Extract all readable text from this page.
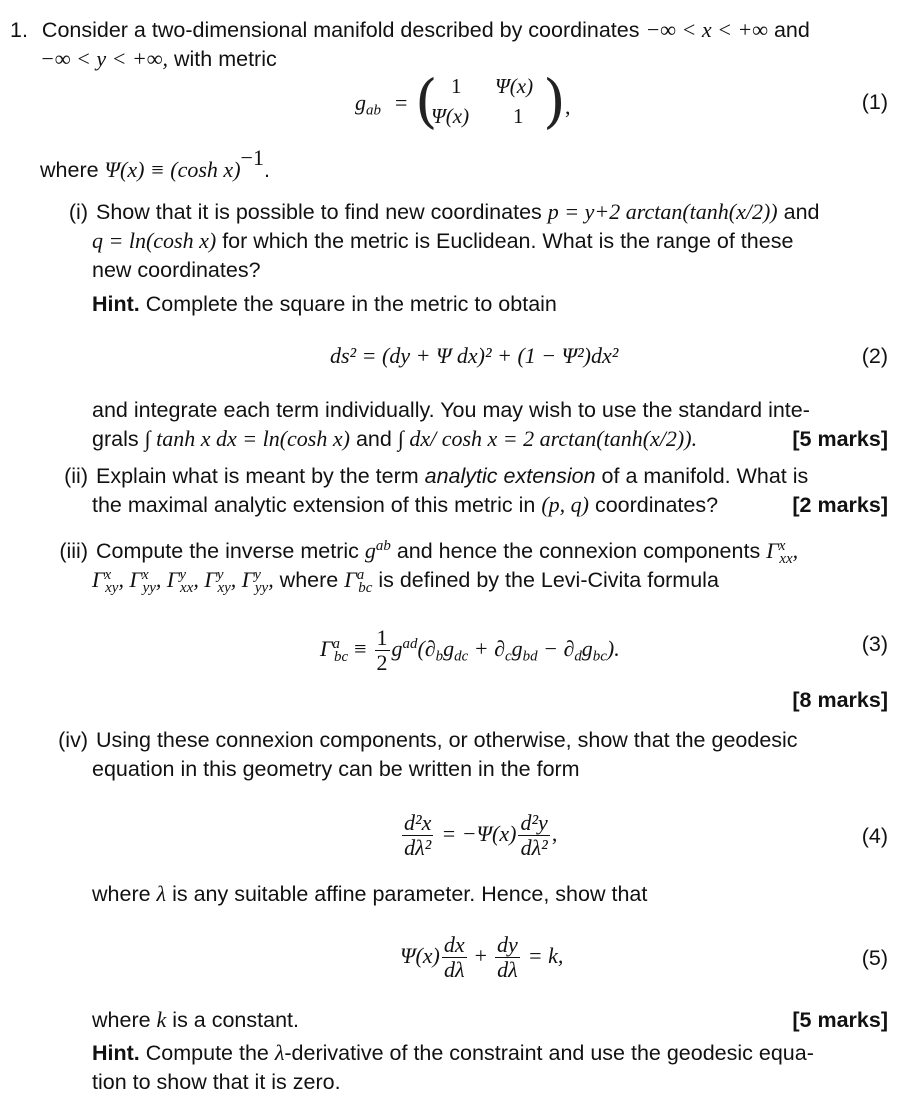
1. Consider a two-dimensional manifold described by coordinates −∞ < x < +∞ and
−∞ < y < +∞, with metric
$g_{ab}$ = ( 1 Ψ(x)
Ψ(x) 1 ) ,	(1)
where Ψ(x) ≡ (cosh x)$^{-1}$.
(i) Show that it is possible to find new coordinates p = y+2 arctan(tanh(x/2)) and
q = ln(cosh x) for which the metric is Euclidean. What is the range of these
new coordinates?
Hint. Complete the square in the metric to obtain
ds² = (dy + Ψ dx)² + (1 − Ψ²)dx²	(2)
and integrate each term individually. You may wish to use the standard inte-
grals ∫ tanh x dx = ln(cosh x) and ∫ dx/ cosh x = 2 arctan(tanh(x/2)).	[5 marks]
(ii) Explain what is meant by the term analytic extension of a manifold. What is
the maximal analytic extension of this metric in (p, q) coordinates?	[2 marks]
(iii) Compute the inverse metric $g^{ab}$ and hence the connexion components $\Gamma^x_{xx}$,
$\Gamma^x_{xy}$, $\Gamma^x_{yy}$, $\Gamma^y_{xx}$, $\Gamma^y_{xy}$, $\Gamma^y_{yy}$, where $\Gamma^a_{bc}$ is defined by the Levi-Civita formula
$\Gamma^a_{bc} \equiv \frac{1}{2} g^{ad}(\partial_bg_{dc} + \partial_cg_{bd} - \partial_dg_{bc})$.	(3)
[8 marks]
(iv) Using these connexion components, or otherwise, show that the geodesic
equation in this geometry can be written in the form
$\frac{\text{d²x}}{\text{dλ²}} = -\Psi(x) \frac{\text{d²y}}{\text{dλ²}}$ ,	(4)
where λ is any suitable affine parameter. Hence, show that
$\Psi(x) \frac{dx}{d\lambda} + \frac{dy}{d\lambda} = k$,	(5)
where k is a constant.	[5 marks]
Hint. Compute the λ-derivative of the constraint and use the geodesic equa-
tion to show that it is zero.
